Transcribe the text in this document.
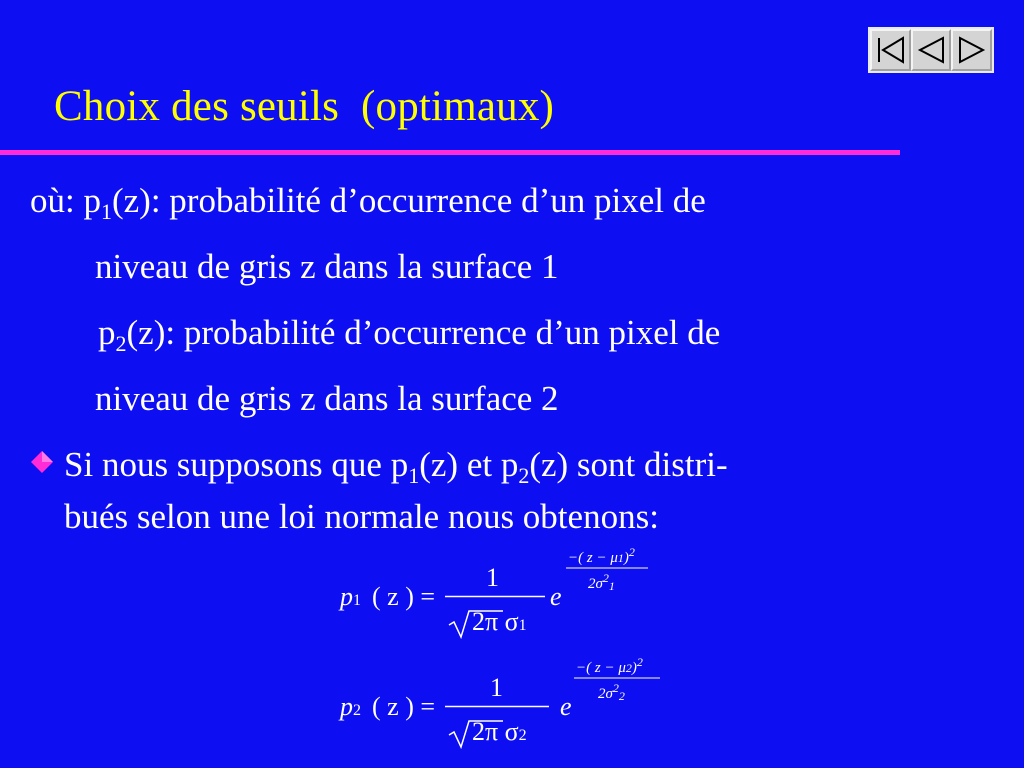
Choix des seuils  (optimaux)
où: $p_1(z)$: probabilité d’occurrence d’un pixel de
niveau de gris z dans la surface 1
$p_2(z)$: probabilité d’occurrence d’un pixel de
niveau de gris z dans la surface 2
Si nous supposons que $p_1(z)$ et $p_2(z)$ sont distri-
bués selon une loi normale nous obtenons:
p1 ( z ) =
1
2π σ1
e
−( z − μ1)$^2$
$2\sigma^2_1$
p2 ( z ) =
1
2π σ2
e
−( z − μ2)$^2$
$2\sigma^2_2$
